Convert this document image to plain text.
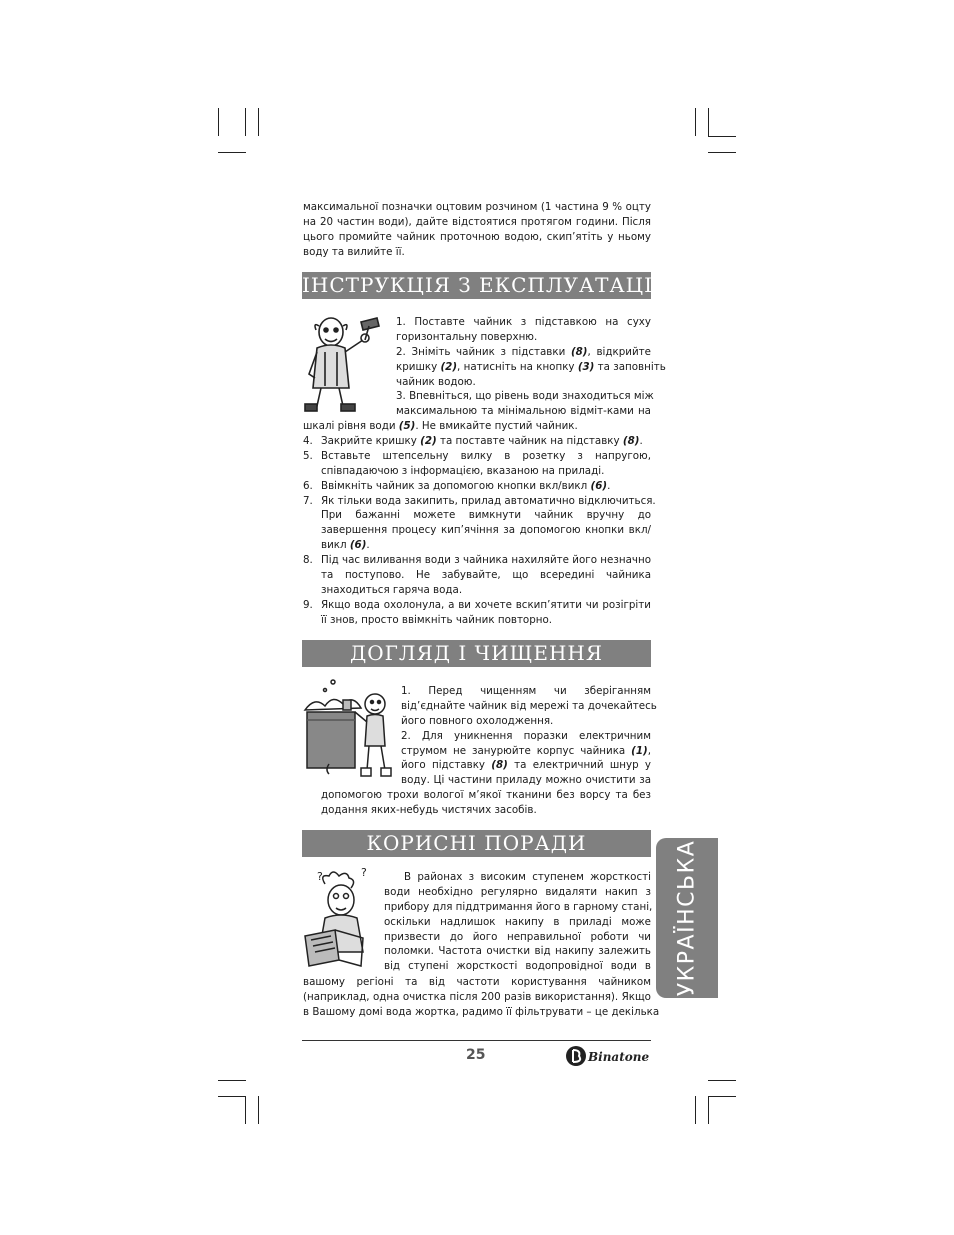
максимальної позначки оцтовим розчином (1 частина 9 % оцту
на 20 частин води), дайте відстоятися протягом години. Після
цього промийте чайник проточною водою, скип’ятіть у ньому
воду та вилийте її.
ІНСТРУКЦІЯ З ЕКСПЛУАТАЦІЇ
1. Поставте чайник з підставкою на суху
горизонтальну поверхню.
2. Зніміть чайник з підставки (8), відкрийте
кришку (2), натисніть на кнопку (3) та заповніть
чайник водою.
3. Впевніться, що рівень води знаходиться між
максимальною та мінімальною відміт-ками на
шкалі рівня води (5). Не вмикайте пустий чайник.
4. Закрийте кришку (2) та поставте чайник на підставку (8).
5. Вставьте штепсельну вилку в розетку з напругою,
співпадаючою з інформацією, вказаною на приладі.
6. Ввімкніть чайник за допомогою кнопки вкл/викл (6).
7. Як тільки вода закипить, прилад автоматично відключиться.
При бажанні можете вимкнути чайник вручну до
завершення процесу кип’ячіння за допомогою кнопки вкл/
викл (6).
8. Під час виливання води з чайника нахиляйте його незначно
та поступово. Не забувайте, що всередині чайника
знаходиться гаряча вода.
9. Якщо вода охолонула, а ви хочете вскип’ятити чи розігріти
її знов, просто ввімкніть чайник повторно.
ДОГЛЯД І ЧИЩЕННЯ
1. Перед чищенням чи зберіганням
від’єднайте чайник від мережі та дочекайтесь
його повного охолодження.
2. Для уникнення поразки електричним
струмом не занурюйте корпус чайника (1),
його підставку (8) та електричний шнур у
воду. Ці частини приладу можно очистити за
допомогою трохи вологої м’якої тканини без ворсу та без
додання яких-небудь чистячих засобів.
КОРИСНІ ПОРАДИ
?	?	В районах з високим ступенем жорсткості
води необхідно регулярно видаляти накип з
прибору для піддтримання його в гарному стані,
оскільки надлишок накипу в приладі може
призвести до його неправильної роботи чи
поломки. Частота очистки від накипу залежить
від ступені жорсткості водопровідної води в
вашому регіоні та від частоти користування чайником
(наприклад, одна очистка після 200 разів використання). Якщо
в Вашому домі вода жортка, радимо її фільтрувати – це декілька
УКРАЇНСЬКА
25	Binatone
